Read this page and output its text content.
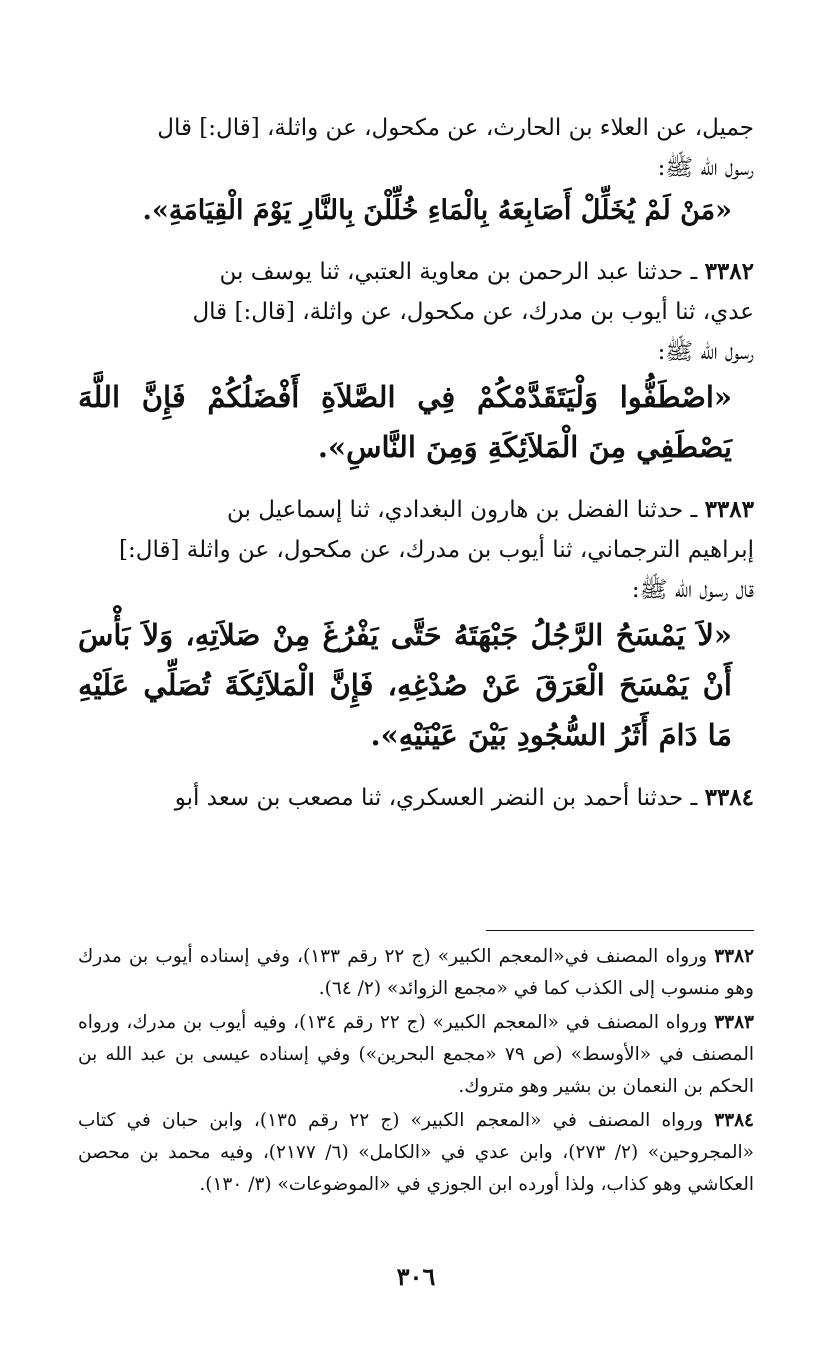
جميل، عن العلاء بن الحارث، عن مكحول، عن واثلة، [قال:] قال

رسول الله ﷺ:

«مَنْ لَمْ يُخَلِّلْ أَصَابِعَهُ بِالْمَاءِ خُلِّلْنَ بِالنَّارِ يَوْمَ الْقِيَامَةِ».

٣٣٨٢ ـ حدثنا عبد الرحمن بن معاوية العتبي، ثنا يوسف بن

عدي، ثنا أيوب بن مدرك، عن مكحول، عن واثلة، [قال:] قال

رسول الله ﷺ:

«اصْطَفُّوا وَلْيَتَقَدَّمْكُمْ فِي الصَّلاَةِ أَفْضَلُكُمْ فَإِنَّ اللَّهَ يَصْطَفِي مِنَ الْمَلاَئِكَةِ وَمِنَ النَّاسِ».

٣٣٨٣ ـ حدثنا الفضل بن هارون البغدادي، ثنا إسماعيل بن

إبراهيم الترجماني، ثنا أيوب بن مدرك، عن مكحول، عن واثلة [قال:]

قال رسول الله ﷺ:

«لاَ يَمْسَحُ الرَّجُلُ جَبْهَتَهُ حَتَّى يَفْرُغَ مِنْ صَلاَتِهِ، وَلاَ بَأْسَ أَنْ يَمْسَحَ الْعَرَقَ عَنْ صُدْغِهِ، فَإِنَّ الْمَلاَئِكَةَ تُصَلِّي عَلَيْهِ مَا دَامَ أَثَرُ السُّجُودِ بَيْنَ عَيْنَيْهِ».

٣٣٨٤ ـ حدثنا أحمد بن النضر العسكري، ثنا مصعب بن سعد أبو

٣٣٨٢ ورواه المصنف في«المعجم الكبير» (ج ٢٢ رقم ١٣٣)، وفي إسناده أيوب بن مدرك وهو منسوب إلى الكذب كما في «مجمع الزوائد» (٢/ ٦٤).

٣٣٨٣ ورواه المصنف في «المعجم الكبير» (ج ٢٢ رقم ١٣٤)، وفيه أيوب بن مدرك، ورواه المصنف في «الأوسط» (ص ٧٩ «مجمع البحرين») وفي إسناده عيسى بن عبد الله بن الحكم بن النعمان بن بشير وهو متروك.

٣٣٨٤ ورواه المصنف في «المعجم الكبير» (ج ٢٢ رقم ١٣٥)، وابن حبان في كتاب «المجروحين» (٢/ ٢٧٣)، وابن عدي في «الكامل» (٦/ ٢١٧٧)، وفيه محمد بن محصن العكاشي وهو كذاب، ولذا أورده ابن الجوزي في «الموضوعات» (٣/ ١٣٠).

٣٠٦
